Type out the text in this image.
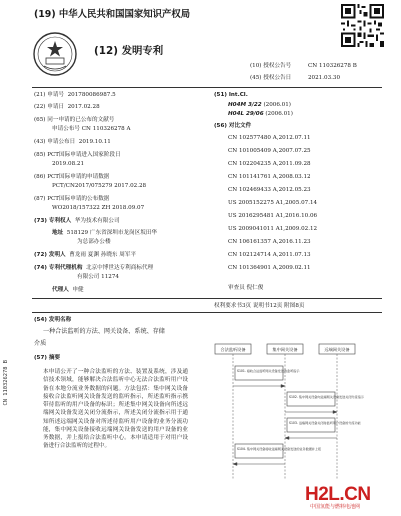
(19) 中华人民共和国国家知识产权局
(12) 发明专利
(10) 授权公告号	CN 110326278 B
(45) 授权公告日	2021.03.30
(21) 申请号 201780086987.5
(22) 申请日 2017.02.28
(65) 同一申请的已公布的文献号
申请公布号 CN 110326278 A
(43) 申请公布日 2019.10.11
(85) PCT国际申请进入国家阶段日
2019.08.21
(86) PCT国际申请的申请数据
PCT/CN2017/075279 2017.02.28
(87) PCT国际申请的公布数据
WO2018/157322 ZH 2018.09.07
(73) 专利权人 华为技术有限公司
地址 518129 广东省深圳市龙岗区坂田华
为总部办公楼
(72) 发明人 曹龙雨 夏渊 孙晓东 周军平
(74) 专利代理机构 北京中博世达专利商标代理
有限公司 11274
代理人 申健
(51) Int.Cl.
H04M 3/22 (2006.01)
H04L 29/06 (2006.01)
(56) 对比文件
CN 102577480 A,2012.07.11
CN 101005409 A,2007.07.25
CN 102204235 A,2011.09.28
CN 101141761 A,2008.03.12
CN 102469433 A,2012.05.23
US 2005152275 A1,2005.07.14
US 2016295481 A1,2016.10.06
US 2009041011 A1,2009.02.12
CN 106161357 A,2016.11.23
CN 102124714 A,2011.07.13
CN 101364901 A,2009.02.11
审查员 倪仁俊
权利要求书3页 说明书12页 附图8页
(54) 发明名称
一种合法监听的方法、网关设备、系统、存储
介质
(57) 摘要
本申请公开了一种合法监听的方法、装置及系统，涉及通信技术领域，能够解决合法监听中心无法合法监听用户设备在本地分流业务数据的问题。方法包括：集中网关设备接收合法监听网关设备发送的监听指示，所述监听指示携带待监听的用户设备的标识；所述集中网关设备向所述远端网关设备发送关闭分流指示，所述关闭分流指示用于通知所述远端网关设备对所述待监听用户设备的业务分流功能，集中网关设备接收远端网关设备发送的用户设备的业务数据，并上报给合法监听中心。本申请适用于对用户设备进行合法监听的过程中。
CN 110326278 B
合法监听设备	集中网关设备	远端网关设备
S101. 接收合法监听网关设备发送的监听指示
S102. 集中网关设备向远端网关设备发送关闭分流指示
S103. 远端网关设备关闭待监听用户设备的分流功能
S104. 集中网关设备接收远端网关设备发送的业务数据并上报
H2L.CN
中国氢能与燃料电池网
